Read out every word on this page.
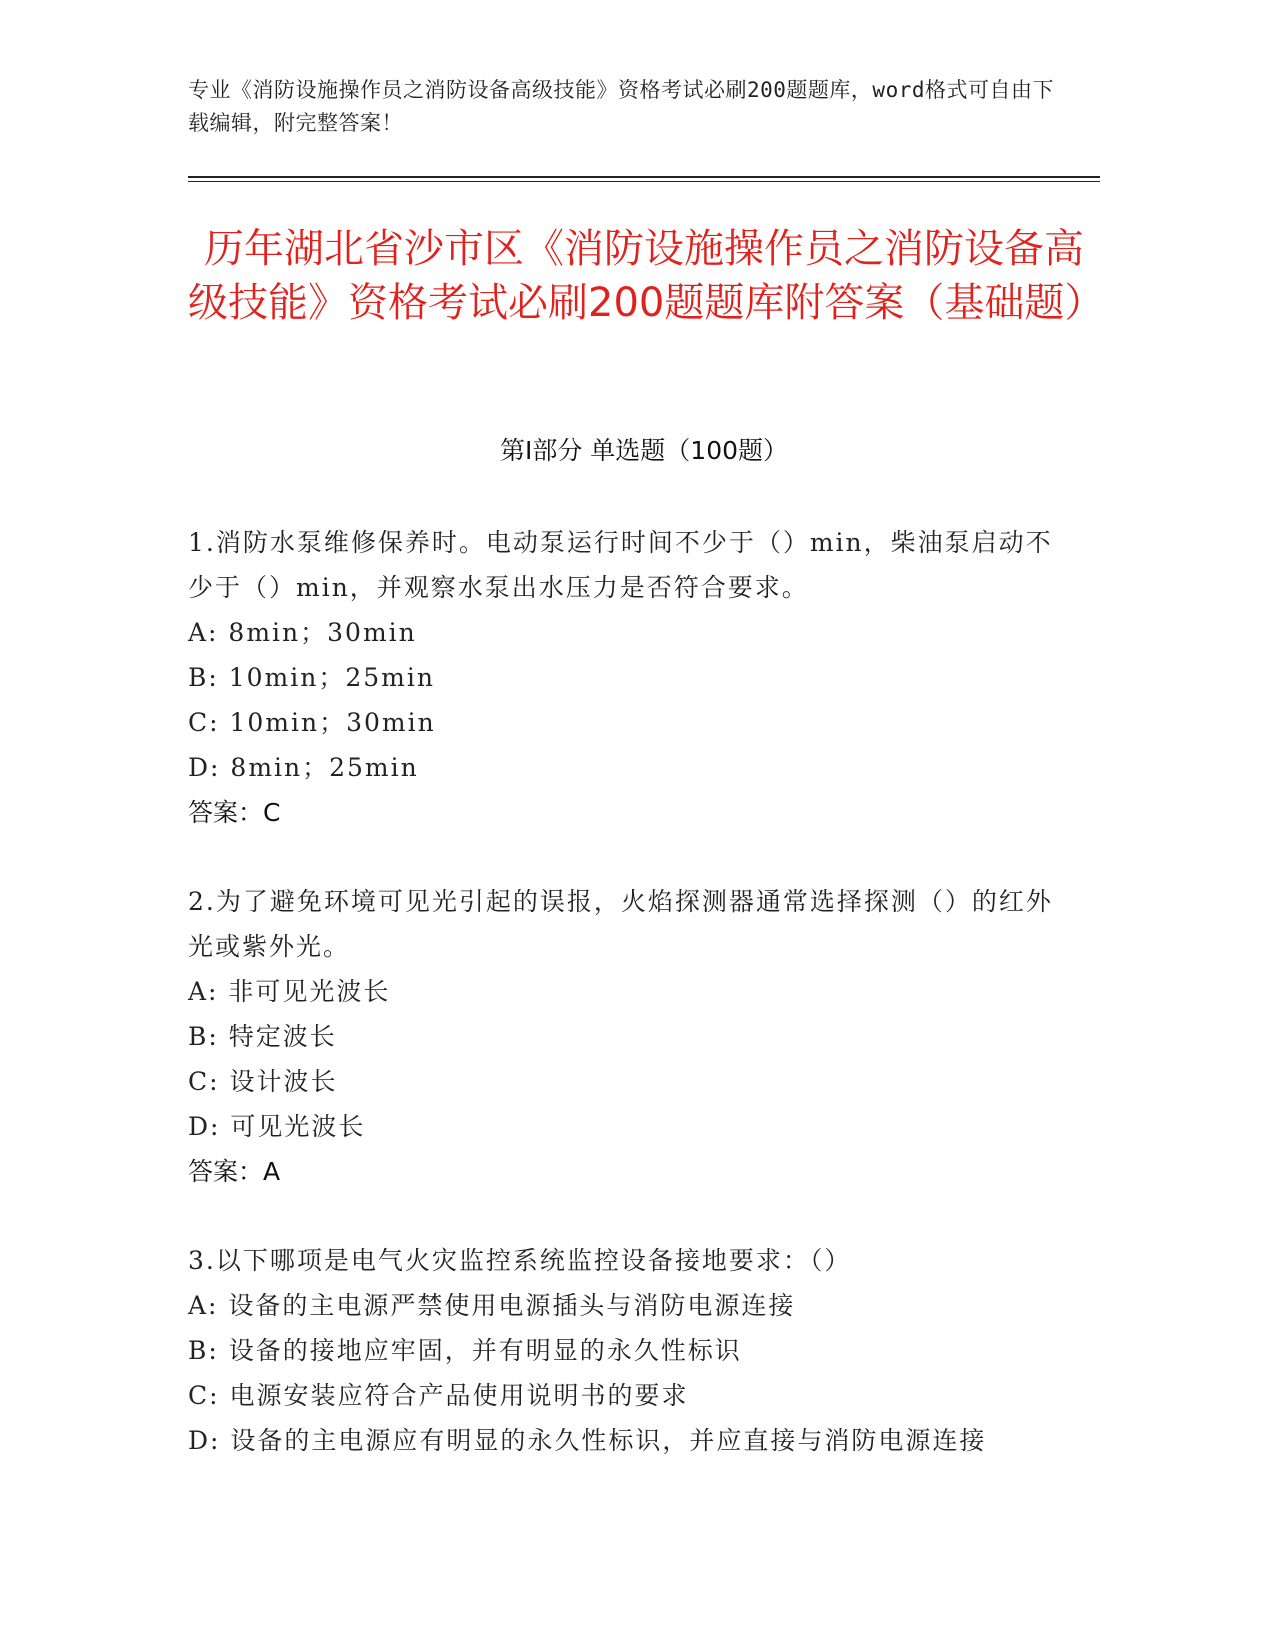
专业《消防设施操作员之消防设备高级技能》资格考试必刷200题题库，word格式可自由下载编辑，附完整答案！
历年湖北省沙市区《消防设施操作员之消防设备高级技能》资格考试必刷200题题库附答案（基础题）
第Ⅰ部分 单选题（100题）
1.消防水泵维修保养时。电动泵运行时间不少于（）min，柴油泵启动不少于（）min，并观察水泵出水压力是否符合要求。
A: 8min；30min
B: 10min；25min
C: 10min；30min
D: 8min；25min
答案：C
2.为了避免环境可见光引起的误报，火焰探测器通常选择探测（）的红外光或紫外光。
A: 非可见光波长
B: 特定波长
C: 设计波长
D: 可见光波长
答案：A
3.以下哪项是电气火灾监控系统监控设备接地要求：（）
A: 设备的主电源严禁使用电源插头与消防电源连接
B: 设备的接地应牢固，并有明显的永久性标识
C: 电源安装应符合产品使用说明书的要求
D: 设备的主电源应有明显的永久性标识，并应直接与消防电源连接
